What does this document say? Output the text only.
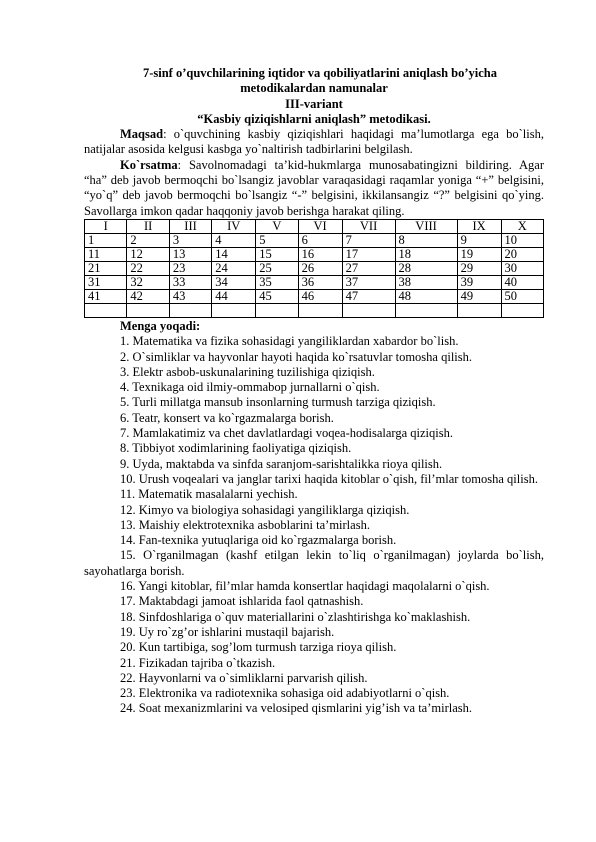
7-sinf o’quvchilarining iqtidor va qobiliyatlarini aniqlash bo’yicha
metodikalardan namunalar
III-variant
“Kasbiy qiziqishlarni aniqlash” metodikasi.

Maqsad: o`quvchining kasbiy qiziqishlari haqidagi ma’lumotlarga ega bo`lish, natijalar asosida kelgusi kasbga yo`naltirish tadbirlarini belgilash.

Ko`rsatma: Savolnomadagi ta’kid-hukmlarga munosabatingizni bildiring. Agar “ha” deb javob bermoqchi bo`lsangiz javoblar varaqasidagi raqamlar yoniga “+” belgisini, “yo`q” deb javob bermoqchi bo`lsangiz “-” belgisini, ikkilansangiz “?” belgisini qo`ying. Savollarga imkon qadar haqqoniy javob berishga harakat qiling.

I	II	III	IV	V	VI	VII	VIII	IX	X
1	2	3	4	5	6	7	8	9	10
11	12	13	14	15	16	17	18	19	20
21	22	23	24	25	26	27	28	29	30
31	32	33	34	35	36	37	38	39	40
41	42	43	44	45	46	47	48	49	50

Menga yoqadi:

1. Matematika va fizika sohasidagi yangiliklardan xabardor bo`lish.

2. O`simliklar va hayvonlar hayoti haqida ko`rsatuvlar tomosha qilish.

3. Elektr asbob-uskunalarining tuzilishiga qiziqish.

4. Texnikaga oid ilmiy-ommabop jurnallarni o`qish.

5. Turli millatga mansub insonlarning turmush tarziga qiziqish.

6. Teatr, konsert va ko`rgazmalarga borish.

7. Mamlakatimiz va chet davlatlardagi voqea-hodisalarga qiziqish.

8. Tibbiyot xodimlarining faoliyatiga qiziqish.

9. Uyda, maktabda va sinfda saranjom-sarishtalikka rioya qilish.

10. Urush voqealari va janglar tarixi haqida kitoblar o`qish, fil’mlar tomosha qilish.

11. Matematik masalalarni yechish.

12. Kimyo va biologiya sohasidagi yangiliklarga qiziqish.

13. Maishiy elektrotexnika asboblarini ta’mirlash.

14. Fan-texnika yutuqlariga oid ko`rgazmalarga borish.

15. O`rganilmagan (kashf etilgan lekin to`liq o`rganilmagan) joylarda bo`lish, sayohatlarga borish.

16. Yangi kitoblar, fil’mlar hamda konsertlar haqidagi maqolalarni o`qish.

17. Maktabdagi jamoat ishlarida faol qatnashish.

18. Sinfdoshlariga o`quv materiallarini o`zlashtirishga ko`maklashish.

19. Uy ro`zg’or ishlarini mustaqil bajarish.

20. Kun tartibiga, sog’lom turmush tarziga rioya qilish.

21. Fizikadan tajriba o`tkazish.

22. Hayvonlarni va o`simliklarni parvarish qilish.

23. Elektronika va radiotexnika sohasiga oid adabiyotlarni o`qish.

24. Soat mexanizmlarini va velosiped qismlarini yig’ish va ta’mirlash.
